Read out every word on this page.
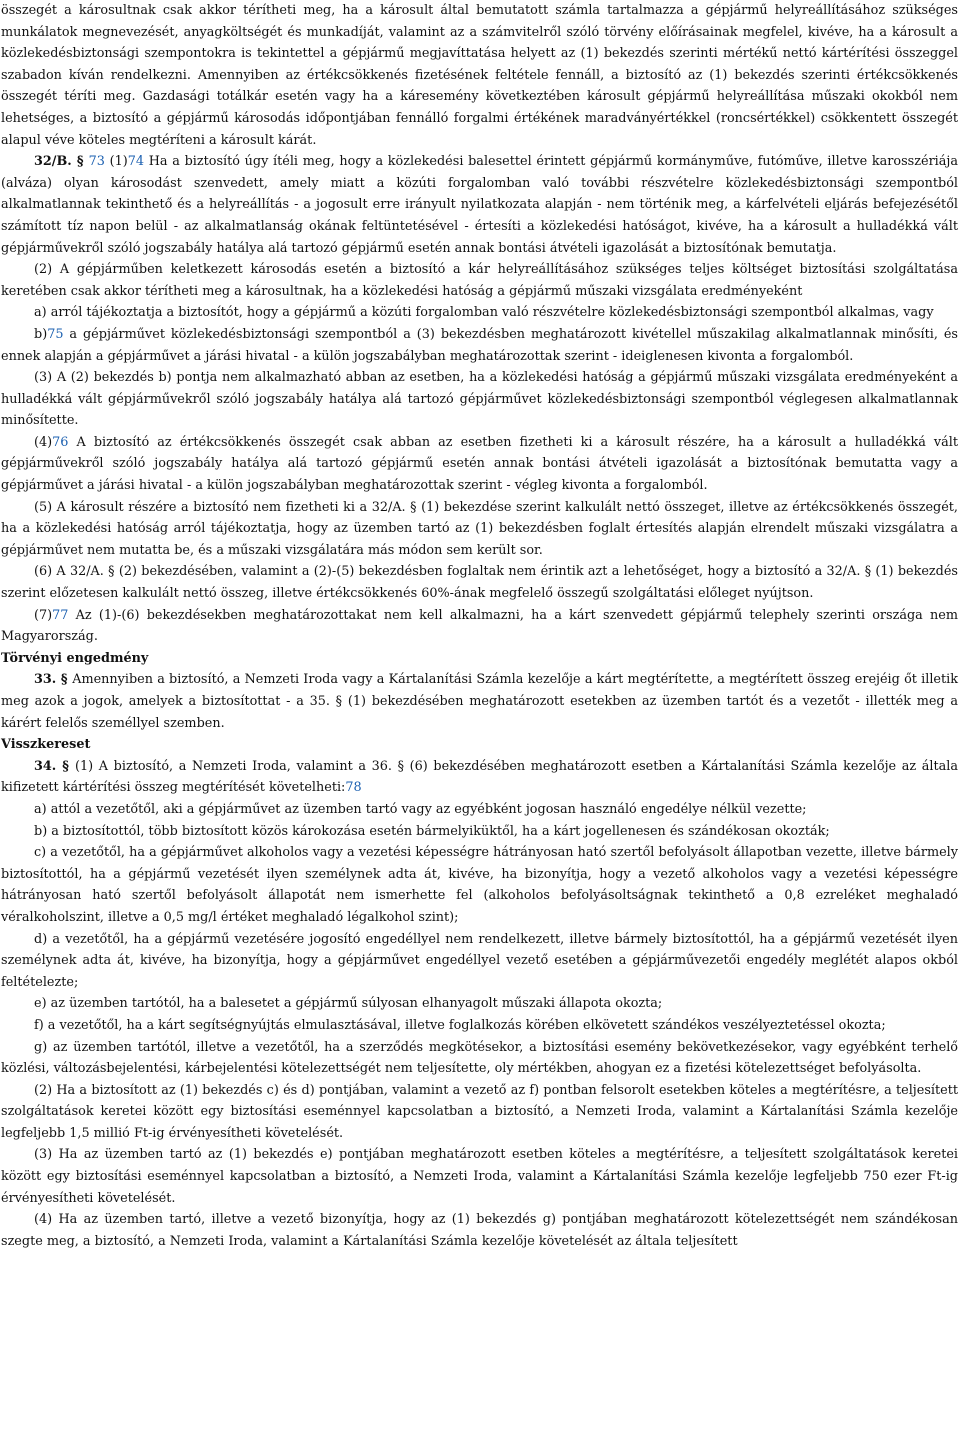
összegét a károsultnak csak akkor térítheti meg, ha a károsult által bemutatott számla tartalmazza a gépjármű helyreállításához szükséges munkálatok megnevezését, anyagköltségét és munkadíját, valamint az a számvitelről szóló törvény előírásainak megfelel, kivéve, ha a károsult a közlekedésbiztonsági szempontokra is tekintettel a gépjármű megjavíttatása helyett az (1) bekezdés szerinti mértékű nettó kártérítési összeggel szabadon kíván rendelkezni. Amennyiben az értékcsökkenés fizetésének feltétele fennáll, a biztosító az (1) bekezdés szerinti értékcsökkenés összegét téríti meg. Gazdasági totálkár esetén vagy ha a káresemény következtében károsult gépjármű helyreállítása műszaki okokból nem lehetséges, a biztosító a gépjármű károsodás időpontjában fennálló forgalmi értékének maradványértékkel (roncsértékkel) csökkentett összegét alapul véve köteles megtéríteni a károsult kárát.

32/B. § 73 (1)74 Ha a biztosító úgy ítéli meg, hogy a közlekedési balesettel érintett gépjármű kormányműve, futóműve, illetve karosszériája (alváza) olyan károsodást szenvedett, amely miatt a közúti forgalomban való további részvételre közlekedésbiztonsági szempontból alkalmatlannak tekinthető és a helyreállítás - a jogosult erre irányult nyilatkozata alapján - nem történik meg, a kárfelvételi eljárás befejezésétől számított tíz napon belül - az alkalmatlanság okának feltüntetésével - értesíti a közlekedési hatóságot, kivéve, ha a károsult a hulladékká vált gépjárművekről szóló jogszabály hatálya alá tartozó gépjármű esetén annak bontási átvételi igazolását a biztosítónak bemutatja.

(2) A gépjárműben keletkezett károsodás esetén a biztosító a kár helyreállításához szükséges teljes költséget biztosítási szolgáltatása keretében csak akkor térítheti meg a károsultnak, ha a közlekedési hatóság a gépjármű műszaki vizsgálata eredményeként

a) arról tájékoztatja a biztosítót, hogy a gépjármű a közúti forgalomban való részvételre közlekedésbiztonsági szempontból alkalmas, vagy

b)75 a gépjárművet közlekedésbiztonsági szempontból a (3) bekezdésben meghatározott kivétellel műszakilag alkalmatlannak minősíti, és ennek alapján a gépjárművet a járási hivatal - a külön jogszabályban meghatározottak szerint - ideiglenesen kivonta a forgalomból.

(3) A (2) bekezdés b) pontja nem alkalmazható abban az esetben, ha a közlekedési hatóság a gépjármű műszaki vizsgálata eredményeként a hulladékká vált gépjárművekről szóló jogszabály hatálya alá tartozó gépjárművet közlekedésbiztonsági szempontból véglegesen alkalmatlannak minősítette.

(4)76 A biztosító az értékcsökkenés összegét csak abban az esetben fizetheti ki a károsult részére, ha a károsult a hulladékká vált gépjárművekről szóló jogszabály hatálya alá tartozó gépjármű esetén annak bontási átvételi igazolását a biztosítónak bemutatta vagy a gépjárművet a járási hivatal - a külön jogszabályban meghatározottak szerint - végleg kivonta a forgalomból.

(5) A károsult részére a biztosító nem fizetheti ki a 32/A. § (1) bekezdése szerint kalkulált nettó összeget, illetve az értékcsökkenés összegét, ha a közlekedési hatóság arról tájékoztatja, hogy az üzemben tartó az (1) bekezdésben foglalt értesítés alapján elrendelt műszaki vizsgálatra a gépjárművet nem mutatta be, és a műszaki vizsgálatára más módon sem került sor.

(6) A 32/A. § (2) bekezdésében, valamint a (2)-(5) bekezdésben foglaltak nem érintik azt a lehetőséget, hogy a biztosító a 32/A. § (1) bekezdés szerint előzetesen kalkulált nettó összeg, illetve értékcsökkenés 60%-ának megfelelő összegű szolgáltatási előleget nyújtson.

(7)77 Az (1)-(6) bekezdésekben meghatározottakat nem kell alkalmazni, ha a kárt szenvedett gépjármű telephely szerinti országa nem Magyarország.

Törvényi engedmény

33. § Amennyiben a biztosító, a Nemzeti Iroda vagy a Kártalanítási Számla kezelője a kárt megtérítette, a megtérített összeg erejéig őt illetik meg azok a jogok, amelyek a biztosítottat - a 35. § (1) bekezdésében meghatározott esetekben az üzemben tartót és a vezetőt - illették meg a kárért felelős személlyel szemben.

Visszkereset

34. § (1) A biztosító, a Nemzeti Iroda, valamint a 36. § (6) bekezdésében meghatározott esetben a Kártalanítási Számla kezelője az általa kifizetett kártérítési összeg megtérítését követelheti:78

a) attól a vezetőtől, aki a gépjárművet az üzemben tartó vagy az egyébként jogosan használó engedélye nélkül vezette;

b) a biztosítottól, több biztosított közös károkozása esetén bármelyiküktől, ha a kárt jogellenesen és szándékosan okozták;

c) a vezetőtől, ha a gépjárművet alkoholos vagy a vezetési képességre hátrányosan ható szertől befolyásolt állapotban vezette, illetve bármely biztosítottól, ha a gépjármű vezetését ilyen személynek adta át, kivéve, ha bizonyítja, hogy a vezető alkoholos vagy a vezetési képességre hátrányosan ható szertől befolyásolt állapotát nem ismerhette fel (alkoholos befolyásoltságnak tekinthető a 0,8 ezreléket meghaladó véralkoholszint, illetve a 0,5 mg/l értéket meghaladó légalkohol szint);

d) a vezetőtől, ha a gépjármű vezetésére jogosító engedéllyel nem rendelkezett, illetve bármely biztosítottól, ha a gépjármű vezetését ilyen személynek adta át, kivéve, ha bizonyítja, hogy a gépjárművet engedéllyel vezető esetében a gépjárművezetői engedély meglétét alapos okból feltételezte;

e) az üzemben tartótól, ha a balesetet a gépjármű súlyosan elhanyagolt műszaki állapota okozta;

f) a vezetőtől, ha a kárt segítségnyújtás elmulasztásával, illetve foglalkozás körében elkövetett szándékos veszélyeztetéssel okozta;

g) az üzemben tartótól, illetve a vezetőtől, ha a szerződés megkötésekor, a biztosítási esemény bekövetkezésekor, vagy egyébként terhelő közlési, változásbejelentési, kárbejelentési kötelezettségét nem teljesítette, oly mértékben, ahogyan ez a fizetési kötelezettséget befolyásolta.

(2) Ha a biztosított az (1) bekezdés c) és d) pontjában, valamint a vezető az f) pontban felsorolt esetekben köteles a megtérítésre, a teljesített szolgáltatások keretei között egy biztosítási eseménnyel kapcsolatban a biztosító, a Nemzeti Iroda, valamint a Kártalanítási Számla kezelője legfeljebb 1,5 millió Ft-ig érvényesítheti követelését.

(3) Ha az üzemben tartó az (1) bekezdés e) pontjában meghatározott esetben köteles a megtérítésre, a teljesített szolgáltatások keretei között egy biztosítási eseménnyel kapcsolatban a biztosító, a Nemzeti Iroda, valamint a Kártalanítási Számla kezelője legfeljebb 750 ezer Ft-ig érvényesítheti követelését.

(4) Ha az üzemben tartó, illetve a vezető bizonyítja, hogy az (1) bekezdés g) pontjában meghatározott kötelezettségét nem szándékosan szegte meg, a biztosító, a Nemzeti Iroda, valamint a Kártalanítási Számla kezelője követelését az általa teljesített
